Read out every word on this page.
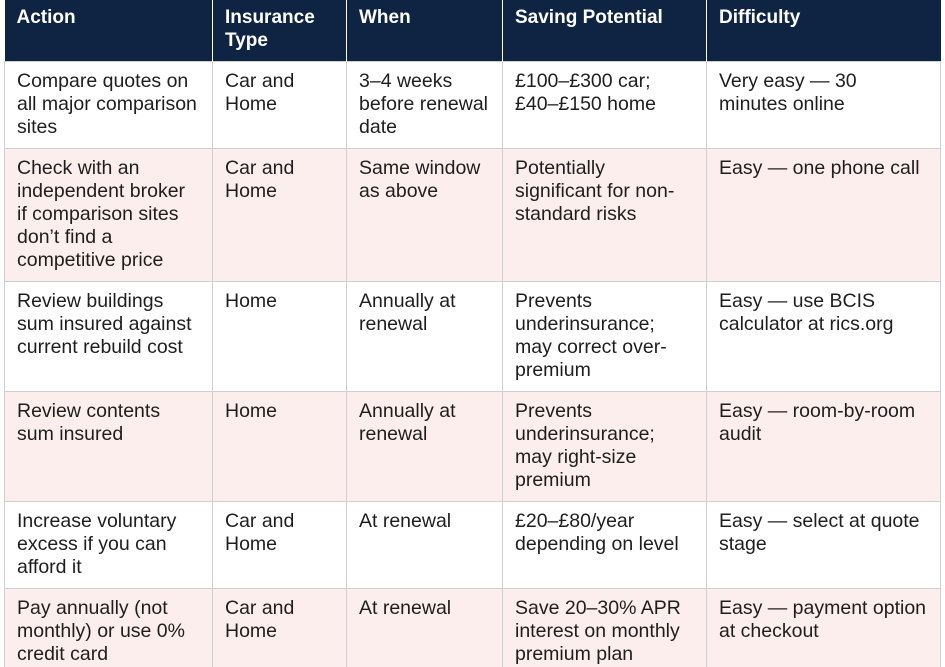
Action	Insurance Type	When	Saving Potential	Difficulty
Compare quotes on all major comparison sites	Car and Home	3–4 weeks before renewal date	£100–£300 car; £40–£150 home	Very easy — 30 minutes online
Check with an independent broker if comparison sites don’t find a competitive price	Car and Home	Same window as above	Potentially significant for non-standard risks	Easy — one phone call
Review buildings sum insured against current rebuild cost	Home	Annually at renewal	Prevents underinsurance; may correct over-premium	Easy — use BCIS calculator at rics.org
Review contents sum insured	Home	Annually at renewal	Prevents underinsurance; may right-size premium	Easy — room-by-room audit
Increase voluntary excess if you can afford it	Car and Home	At renewal	£20–£80/year depending on level	Easy — select at quote stage
Pay annually (not monthly) or use 0% credit card	Car and Home	At renewal	Save 20–30% APR interest on monthly premium plan	Easy — payment option at checkout
